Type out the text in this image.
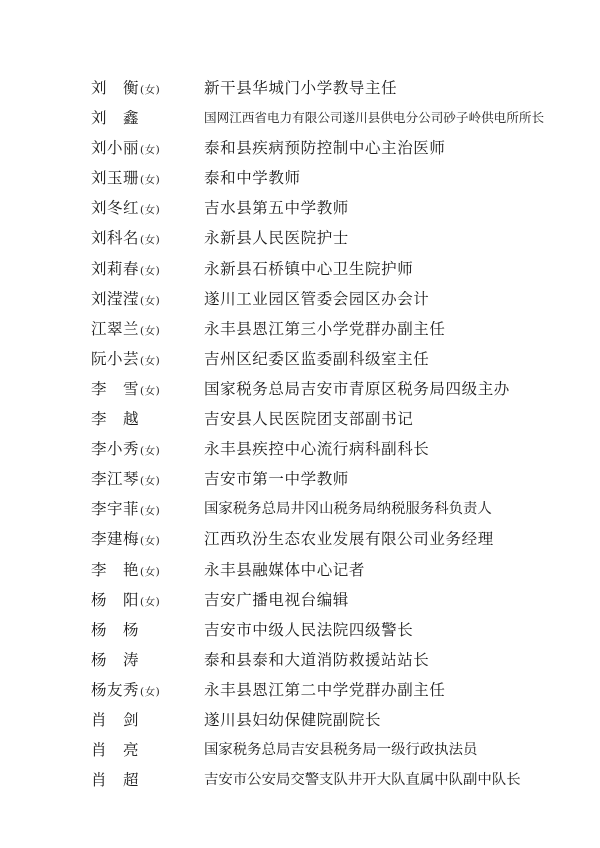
刘　衡(女)	新干县华城门小学教导主任
刘　鑫	国网江西省电力有限公司遂川县供电分公司砂子岭供电所所长
刘小丽(女)	泰和县疾病预防控制中心主治医师
刘玉珊(女)	泰和中学教师
刘冬红(女)	吉水县第五中学教师
刘科名(女)	永新县人民医院护士
刘莉春(女)	永新县石桥镇中心卫生院护师
刘滢滢(女)	遂川工业园区管委会园区办会计
江翠兰(女)	永丰县恩江第三小学党群办副主任
阮小芸(女)	吉州区纪委区监委副科级室主任
李　雪(女)	国家税务总局吉安市青原区税务局四级主办
李　越	吉安县人民医院团支部副书记
李小秀(女)	永丰县疾控中心流行病科副科长
李江琴(女)	吉安市第一中学教师
李宇菲(女)	国家税务总局井冈山税务局纳税服务科负责人
李建梅(女)	江西玖汾生态农业发展有限公司业务经理
李　艳(女)	永丰县融媒体中心记者
杨　阳(女)	吉安广播电视台编辑
杨　杨	吉安市中级人民法院四级警长
杨　涛	泰和县泰和大道消防救援站站长
杨友秀(女)	永丰县恩江第二中学党群办副主任
肖　剑	遂川县妇幼保健院副院长
肖　亮	国家税务总局吉安县税务局一级行政执法员
肖　超	吉安市公安局交警支队井开大队直属中队副中队长
